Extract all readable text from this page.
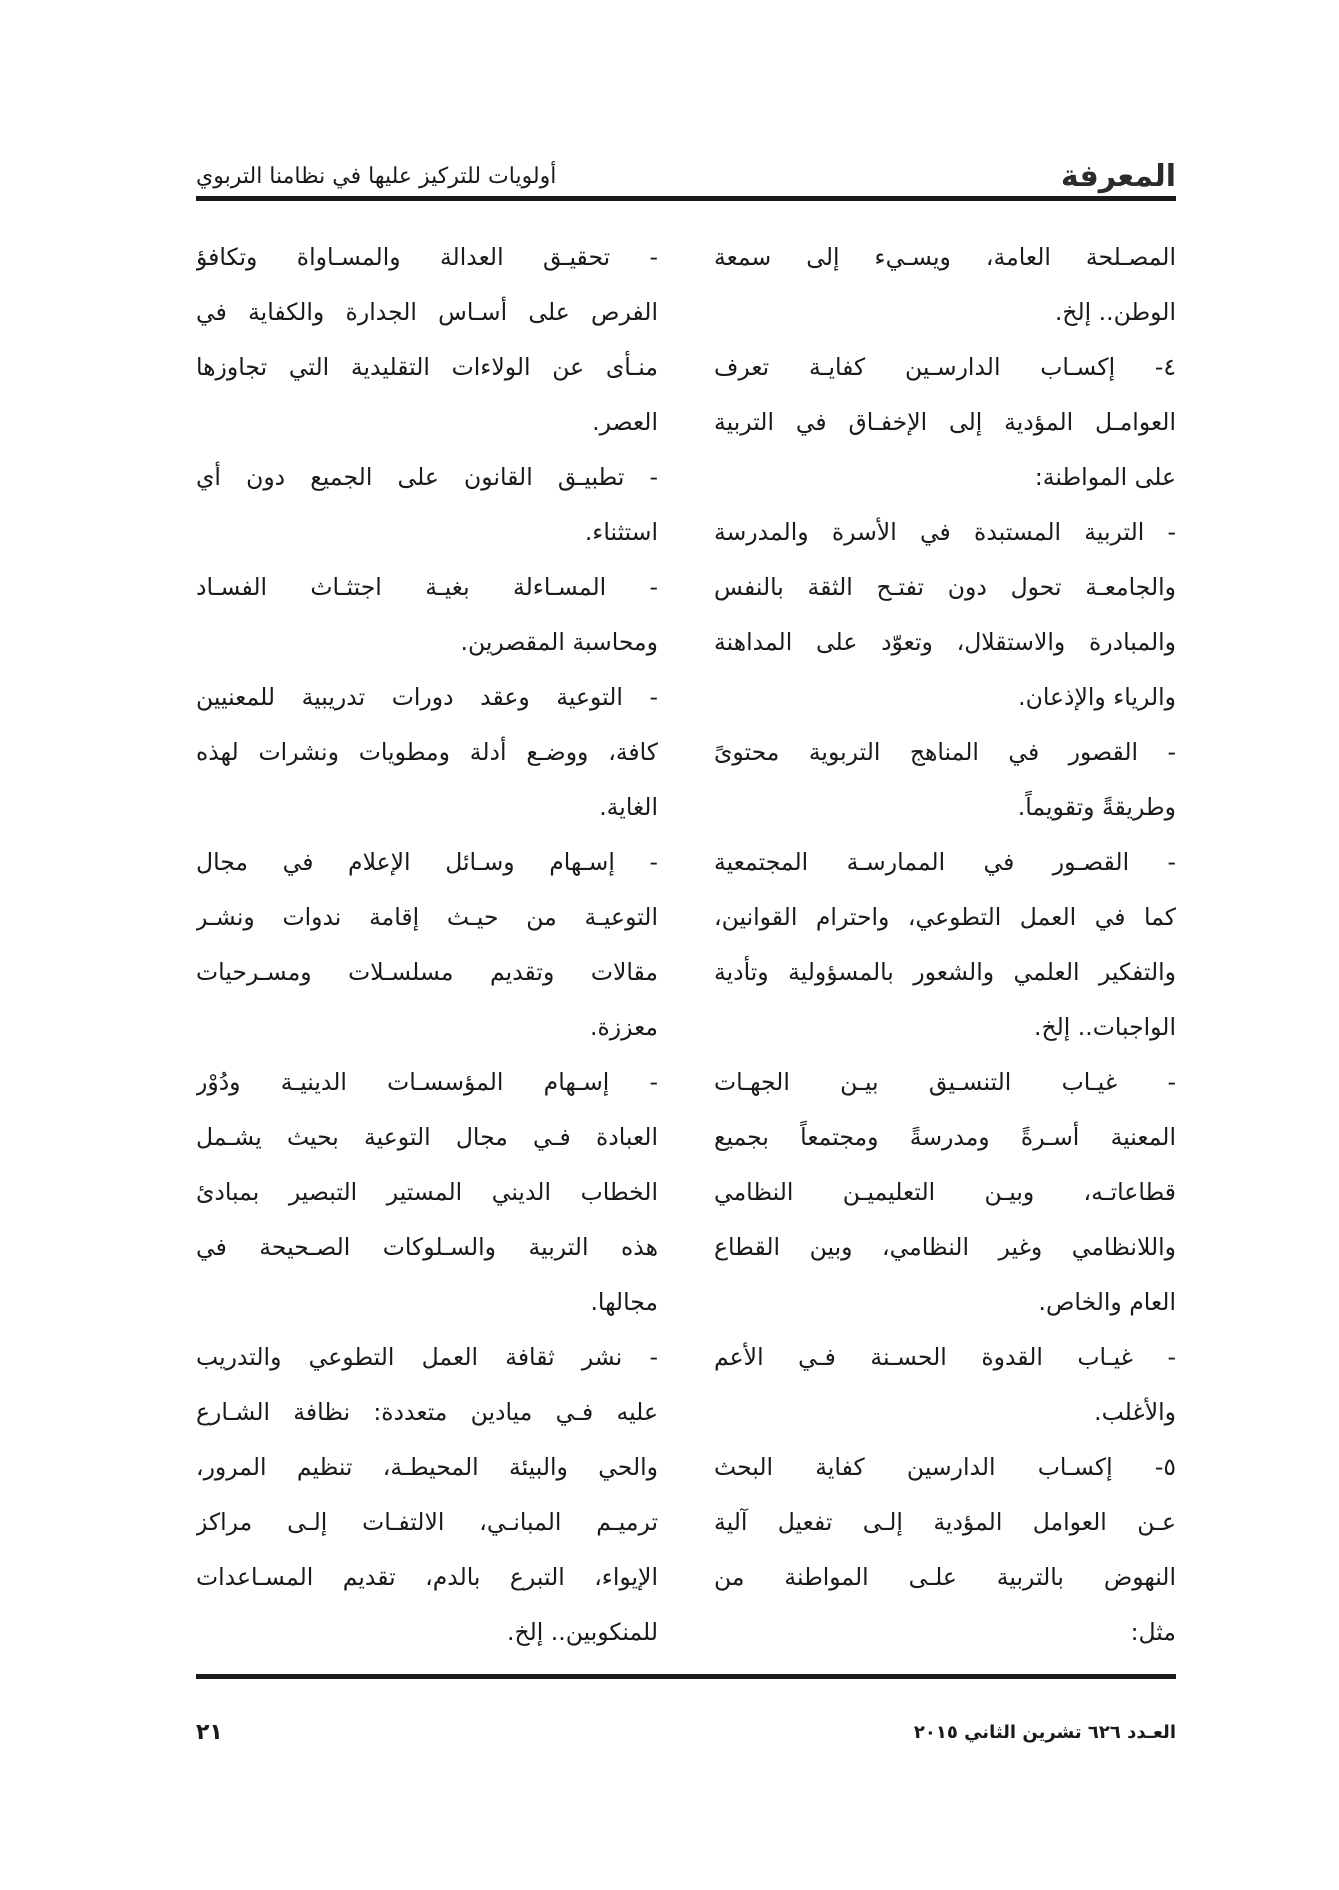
المعرفة
أولويات للتركيز عليها في نظامنا التربوي
المصـلحة العامة، ويسـيء إلى سمعة
الوطن.. إلخ.
٤- إكسـاب الدارسـين كفايـة تعرف
العوامـل المؤدية إلى الإخفـاق في التربية
على المواطنة:
- التربية المستبدة في الأسرة والمدرسة
والجامعـة تحول دون تفتـح الثقة بالنفس
والمبادرة والاستقلال، وتعوّد على المداهنة
والرياء والإذعان.
- القصور في المناهج التربوية محتوىً
وطريقةً وتقويماً.
- القصـور في الممارسـة المجتمعية
كما في العمل التطوعي، واحترام القوانين،
والتفكير العلمي والشعور بالمسؤولية وتأدية
الواجبات.. إلخ.
- غيـاب التنسـيق بيـن الجهـات
المعنية أسـرةً ومدرسةً ومجتمعاً بجميع
قطاعاتـه، وبيـن التعليميـن النظامي
واللانظامي وغير النظامي، وبين القطاع
العام والخاص.
- غيـاب القدوة الحسـنة فـي الأعم
والأغلب.
٥- إكسـاب الدارسين كفاية البحث
عـن العوامل المؤدية إلـى تفعيل آلية
النهوض بالتربية علـى المواطنة من
مثل:
- تحقيـق العدالة والمسـاواة وتكافؤ
الفرص على أسـاس الجدارة والكفاية في
منـأى عن الولاءات التقليدية التي تجاوزها
العصر.
- تطبيـق القانون على الجميع دون أي
استثناء.
- المسـاءلة بغيـة اجتثـاث الفسـاد
ومحاسبة المقصرين.
- التوعية وعقد دورات تدريبية للمعنيين
كافة، ووضـع أدلة ومطويات ونشرات لهذه
الغاية.
- إسـهام وسـائل الإعلام في مجال
التوعيـة من حيـث إقامة ندوات ونشـر
مقالات وتقديم مسلسـلات ومسـرحيات
معززة.
- إسـهام المؤسسـات الدينيـة ودُوْر
العبادة فـي مجال التوعية بحيث يشـمل
الخطاب الديني المستير التبصير بمبادئ
هذه التربية والسـلوكات الصـحيحة في
مجالها.
- نشر ثقافة العمل التطوعي والتدريب
عليه فـي ميادين متعددة: نظافة الشـارع
والحي والبيئة المحيطـة، تنظيم المرور،
ترميـم المبانـي، الالتفـات إلـى مراكز
الإيواء، التبرع بالدم، تقديم المسـاعدات
للمنكوبين.. إلخ.
العـدد ٦٢٦ تشرين الثاني ٢٠١٥
٢١
